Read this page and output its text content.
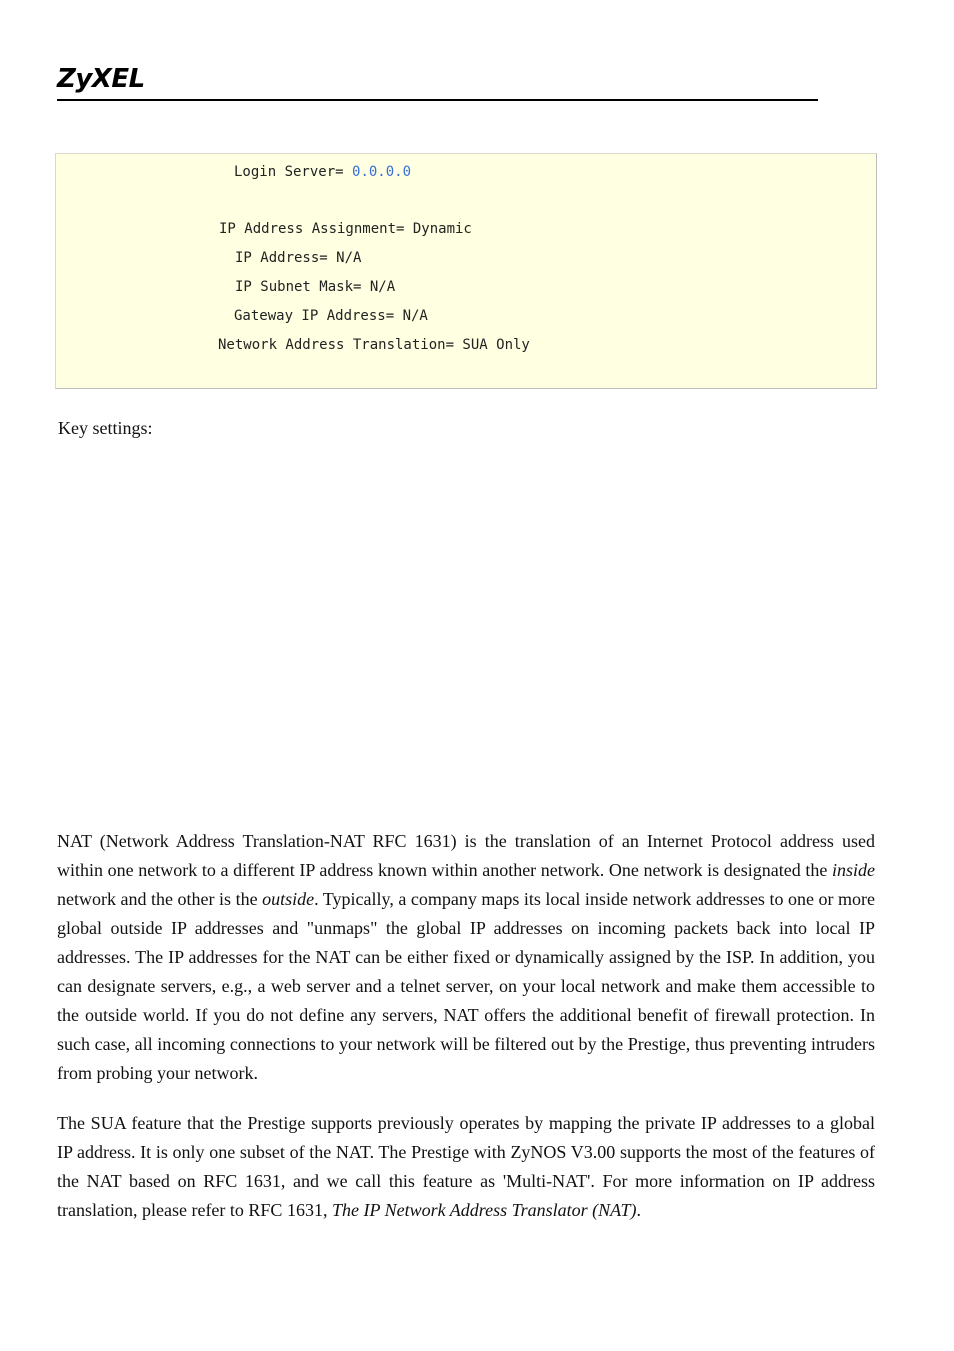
ZyXEL
Login Server= 0.0.0.0
IP Address Assignment= Dynamic
IP Address= N/A
IP Subnet Mask= N/A
Gateway IP Address= N/A
Network Address Translation= SUA Only
Key settings:

NAT (Network Address Translation-NAT RFC 1631) is the translation of an Internet Protocol address used within one network to a different IP address known within another network. One network is designated the inside network and the other is the outside. Typically, a company maps its local inside network addresses to one or more global outside IP addresses and "unmaps" the global IP addresses on incoming packets back into local IP addresses. The IP addresses for the NAT can be either fixed or dynamically assigned by the ISP. In addition, you can designate servers, e.g., a web server and a telnet server, on your local network and make them accessible to the outside world. If you do not define any servers, NAT offers the additional benefit of firewall protection. In such case, all incoming connections to your network will be filtered out by the Prestige, thus preventing intruders from probing your network.

The SUA feature that the Prestige supports previously operates by mapping the private IP addresses to a global IP address. It is only one subset of the NAT. The Prestige with ZyNOS V3.00 supports the most of the features of the NAT based on RFC 1631, and we call this feature as 'Multi-NAT'. For more information on IP address translation, please refer to RFC 1631, The IP Network Address Translator (NAT).
